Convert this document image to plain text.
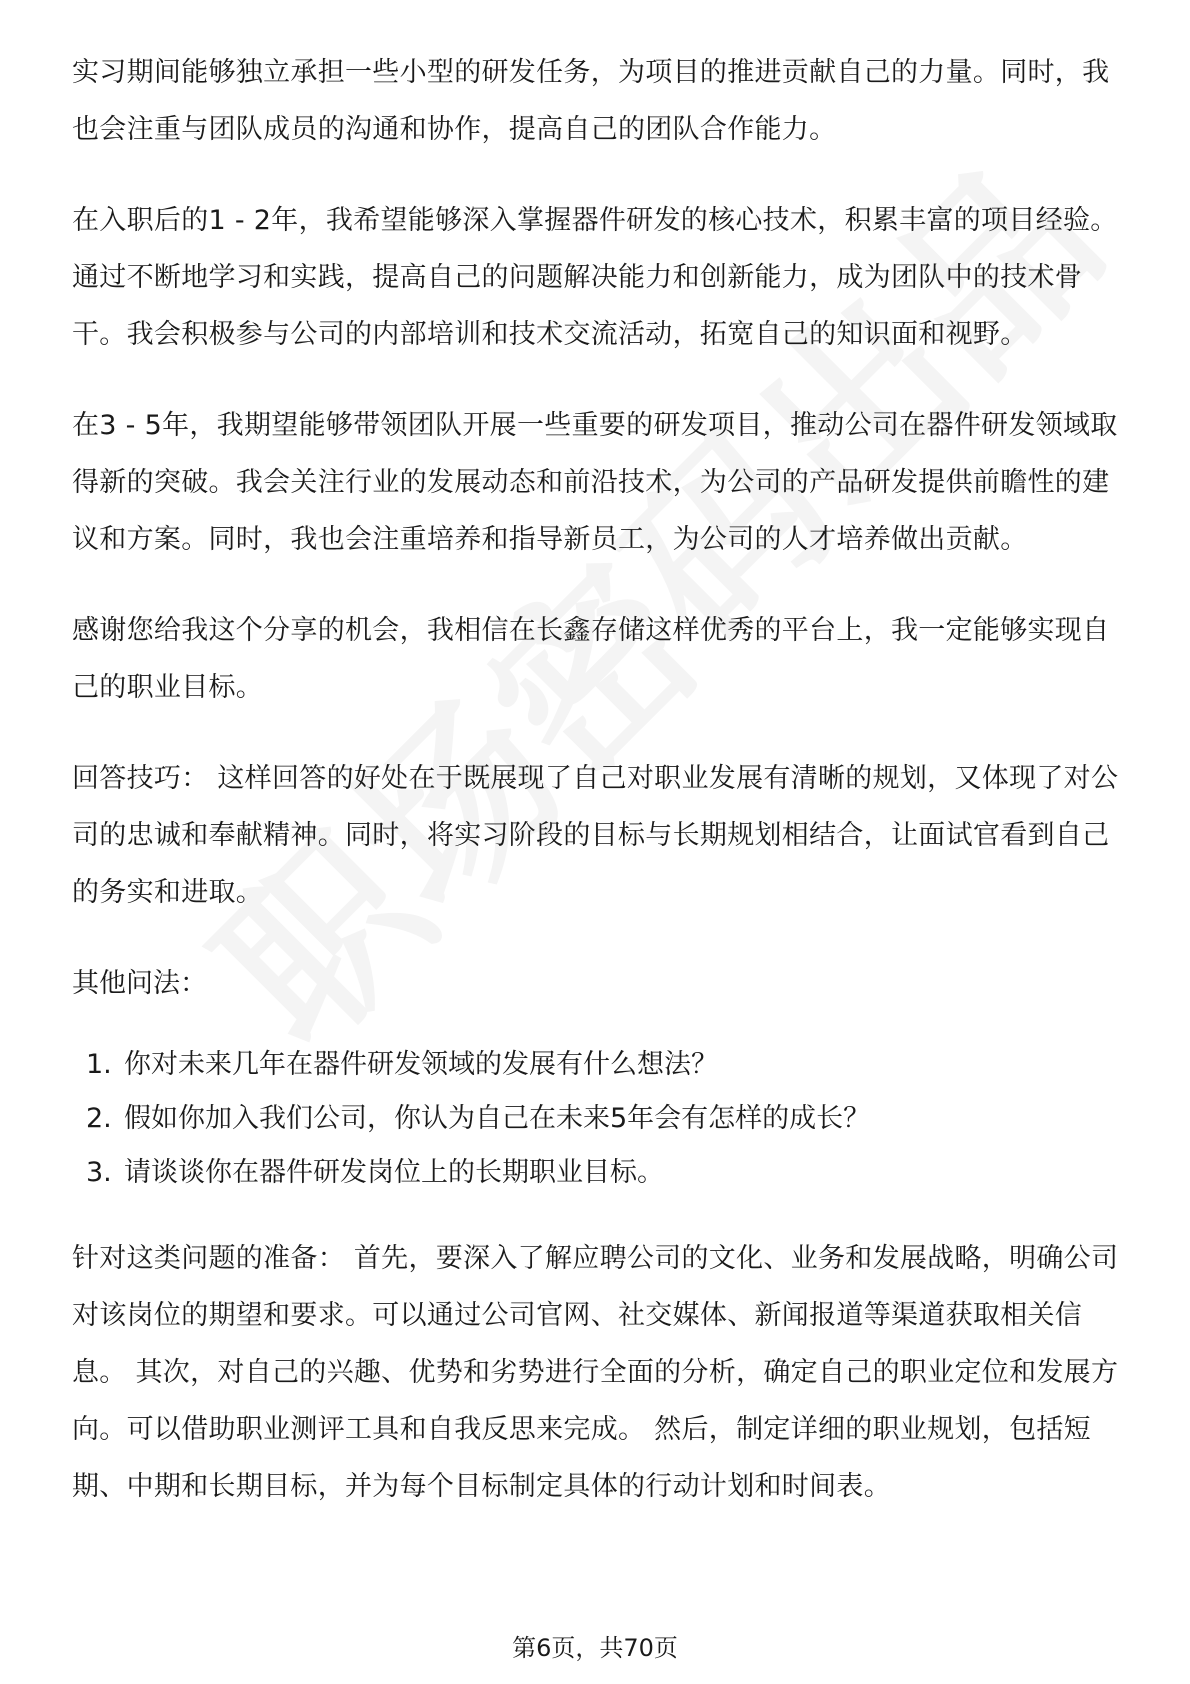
实习期间能够独立承担一些小型的研发任务，为项目的推进贡献自己的力量。同时，我也会注重与团队成员的沟通和协作，提高自己的团队合作能力。

在入职后的1 - 2年，我希望能够深入掌握器件研发的核心技术，积累丰富的项目经验。通过不断地学习和实践，提高自己的问题解决能力和创新能力，成为团队中的技术骨干。我会积极参与公司的内部培训和技术交流活动，拓宽自己的知识面和视野。

在3 - 5年，我期望能够带领团队开展一些重要的研发项目，推动公司在器件研发领域取得新的突破。我会关注行业的发展动态和前沿技术，为公司的产品研发提供前瞻性的建议和方案。同时，我也会注重培养和指导新员工，为公司的人才培养做出贡献。

感谢您给我这个分享的机会，我相信在长鑫存储这样优秀的平台上，我一定能够实现自己的职业目标。

回答技巧： 这样回答的好处在于既展现了自己对职业发展有清晰的规划，又体现了对公司的忠诚和奉献精神。同时，将实习阶段的目标与长期规划相结合，让面试官看到自己的务实和进取。

其他问法：

1. 你对未来几年在器件研发领域的发展有什么想法？
2. 假如你加入我们公司，你认为自己在未来5年会有怎样的成长？
3. 请谈谈你在器件研发岗位上的长期职业目标。

针对这类问题的准备： 首先，要深入了解应聘公司的文化、业务和发展战略，明确公司对该岗位的期望和要求。可以通过公司官网、社交媒体、新闻报道等渠道获取相关信息。 其次，对自己的兴趣、优势和劣势进行全面的分析，确定自己的职业定位和发展方向。可以借助职业测评工具和自我反思来完成。 然后，制定详细的职业规划，包括短期、中期和长期目标，并为每个目标制定具体的行动计划和时间表。

第6页，共70页
